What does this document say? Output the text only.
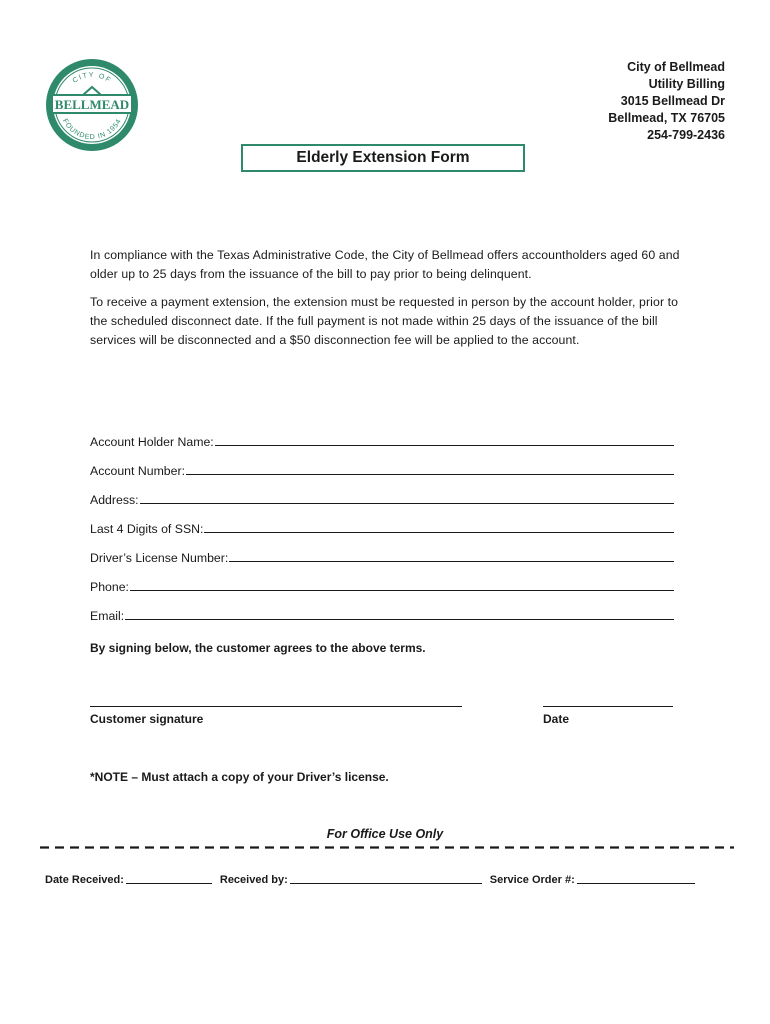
BELLMEAD
CITY OF
FOUNDED IN 1954
City of Bellmead
Utility Billing
3015 Bellmead Dr
Bellmead, TX 76705
254-799-2436
Elderly Extension Form
In compliance with the Texas Administrative Code, the City of Bellmead offers accountholders aged 60 and older up to 25 days from the issuance of the bill to pay prior to being delinquent.
To receive a payment extension, the extension must be requested in person by the account holder, prior to the scheduled disconnect date. If the full payment is not made within 25 days of the issuance of the bill services will be disconnected and a $50 disconnection fee will be applied to the account.
Account Holder Name:
Account Number:
Address:
Last 4 Digits of SSN:
Driver’s License Number:
Phone:
Email:
By signing below, the customer agrees to the above terms.
Customer signature	Date
*NOTE – Must attach a copy of your Driver’s license.
For Office Use Only
Date Received:	Received by:	Service Order #:
